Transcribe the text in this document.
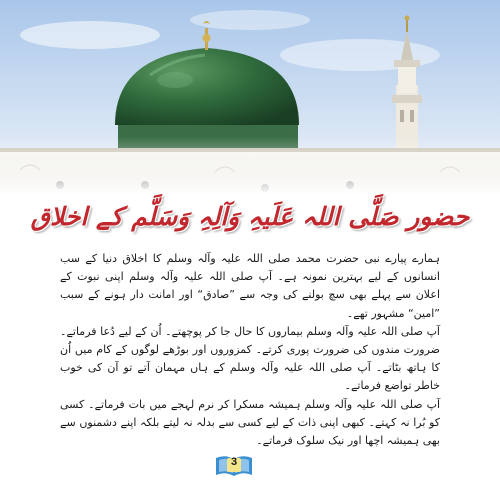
حضور صَلَّی اللہ عَلَیہِ وَآلِہِ وَسَلَّم کے اخلاق

ہمارے پیارے نبی حضرت محمد صلی اللہ علیہ وآلہ وسلم کا اخلاق دنیا کے سب انسانوں کے لیے بہترین نمونہ ہے۔ آپ صلی اللہ علیہ وآلہ وسلم اپنی نبوت کے اعلان سے پہلے بھی سچ بولنے کی وجہ سے ”صادق“ اور امانت دار ہونے کے سبب ”امین“ مشہور تھے۔

آپ صلی اللہ علیہ وآلہ وسلم بیماروں کا حال جا کر پوچھتے۔ اُن کے لیے دُعا فرماتے۔ ضرورت مندوں کی ضرورت پوری کرتے۔ کمزوروں اور بوڑھے لوگوں کے کام میں اُن کا ہاتھ بٹاتے۔ آپ صلی اللہ علیہ وآلہ وسلم کے ہاں مہمان آتے تو آن کی خوب خاطر تواضع فرماتے۔

آپ صلی اللہ علیہ وآلہ وسلم ہمیشہ مسکرا کر نرم لہجے میں بات فرماتے۔ کسی کو بُرا نہ کہتے۔ کبھی اپنی ذات کے لیے کسی سے بدلہ نہ لیتے بلکہ اپنے دشمنوں سے بھی ہمیشہ اچھا اور نیک سلوک فرماتے۔

3
